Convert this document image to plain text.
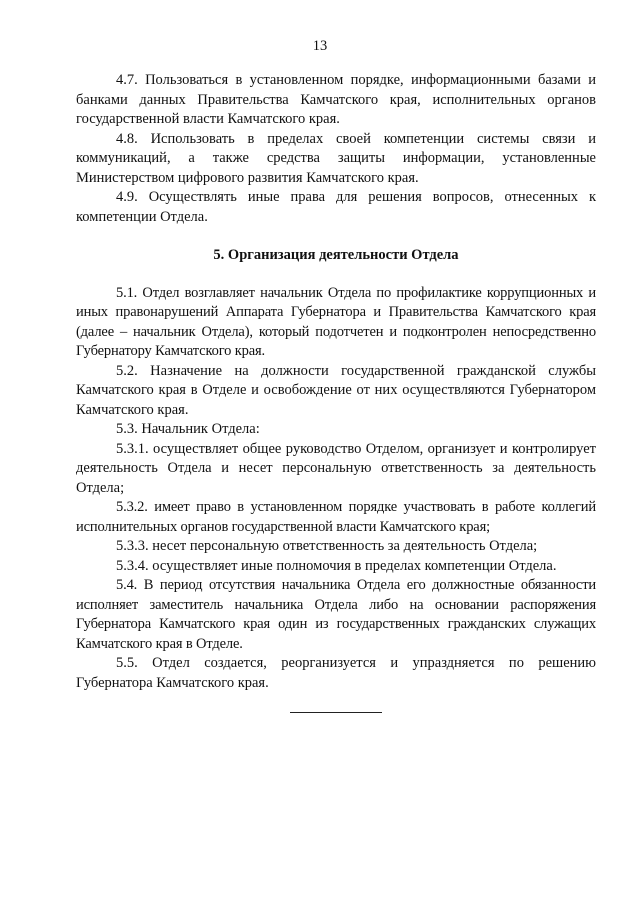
13

4.7. Пользоваться в установленном порядке, информационными базами и банками данных Правительства Камчатского края, исполнительных органов государственной власти Камчатского края.

4.8. Использовать в пределах своей компетенции системы связи и коммуникаций, а также средства защиты информации, установленные Министерством цифрового развития Камчатского края.

4.9. Осуществлять иные права для решения вопросов, отнесенных к компетенции Отдела.

5. Организация деятельности Отдела

5.1. Отдел возглавляет начальник Отдела по профилактике коррупционных и иных правонарушений Аппарата Губернатора и Правительства Камчатского края (далее – начальник Отдела), который подотчетен и подконтролен непосредственно Губернатору Камчатского края.

5.2. Назначение на должности государственной гражданской службы Камчатского края в Отделе и освобождение от них осуществляются Губернатором Камчатского края.

5.3. Начальник Отдела:

5.3.1. осуществляет общее руководство Отделом, организует и контролирует деятельность Отдела и несет персональную ответственность за деятельность Отдела;

5.3.2. имеет право в установленном порядке участвовать в работе коллегий исполнительных органов государственной власти Камчатского края;

5.3.3. несет персональную ответственность за деятельность Отдела;

5.3.4. осуществляет иные полномочия в пределах компетенции Отдела.

5.4. В период отсутствия начальника Отдела его должностные обязанности исполняет заместитель начальника Отдела либо на основании распоряжения Губернатора Камчатского края один из государственных гражданских служащих Камчатского края в Отделе.

5.5. Отдел создается, реорганизуется и упраздняется по решению Губернатора Камчатского края.
